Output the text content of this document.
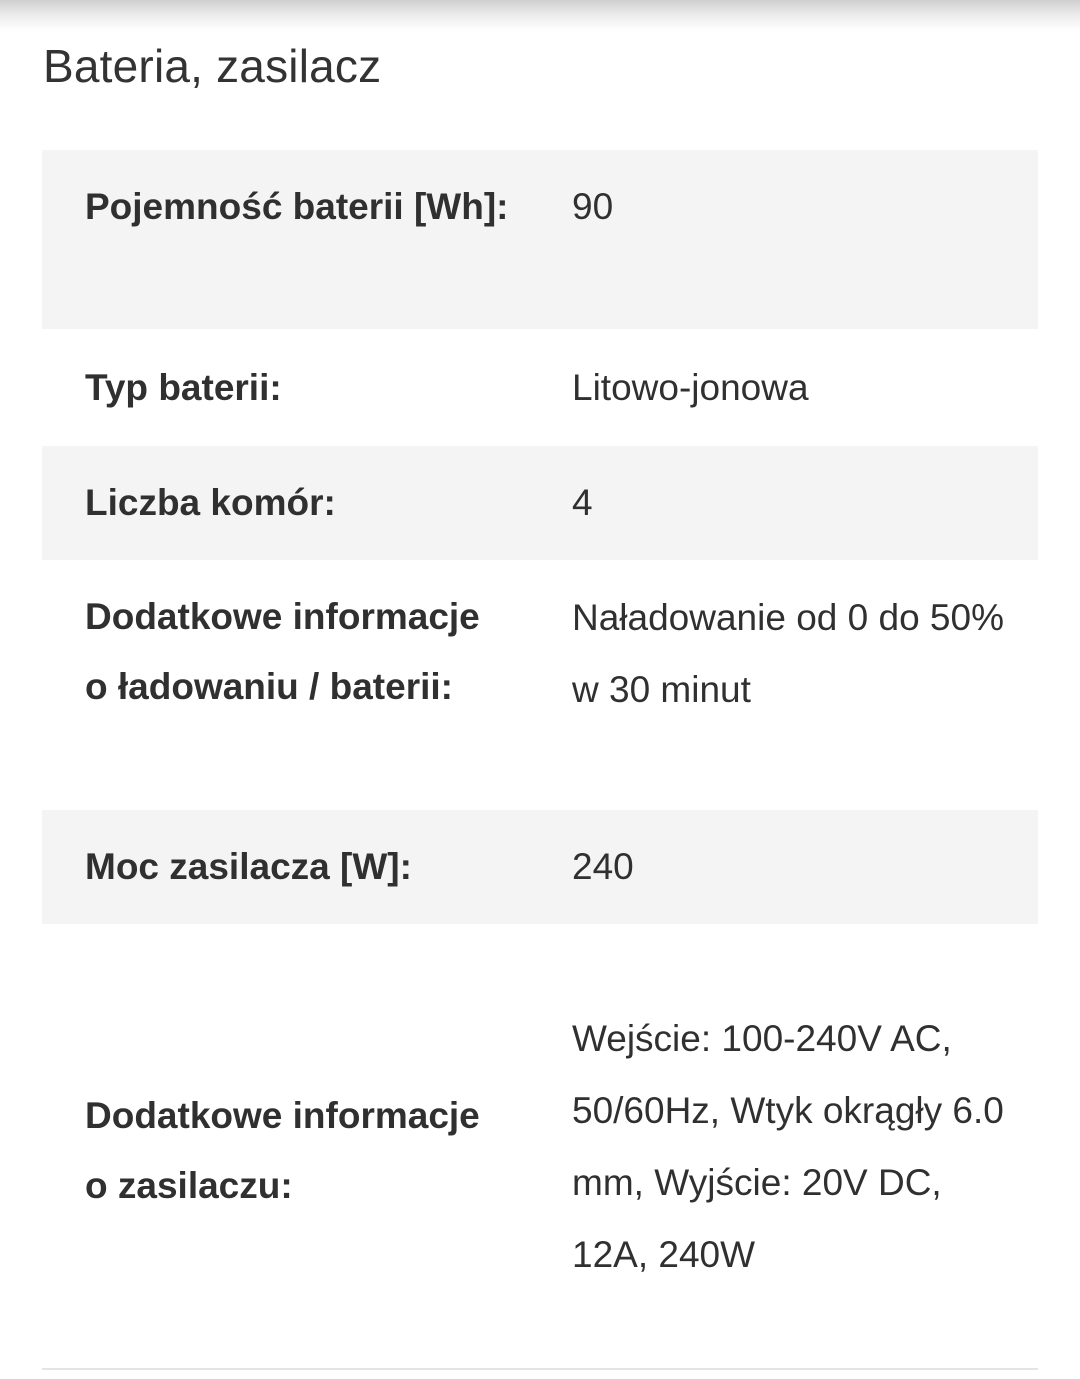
Bateria, zasilacz
Pojemność baterii [Wh]:	90
Typ baterii:	Litowo-jonowa
Liczba komór:	4
Dodatkowe informacje o ładowaniu / baterii:
Naładowanie od 0 do 50% w 30 minut
Moc zasilacza [W]:	240
Dodatkowe informacje o zasilaczu:
Wejście: 100-240V AC, 50/60Hz, Wtyk okrągły 6.0 mm, Wyjście: 20V DC, 12A, 240W
